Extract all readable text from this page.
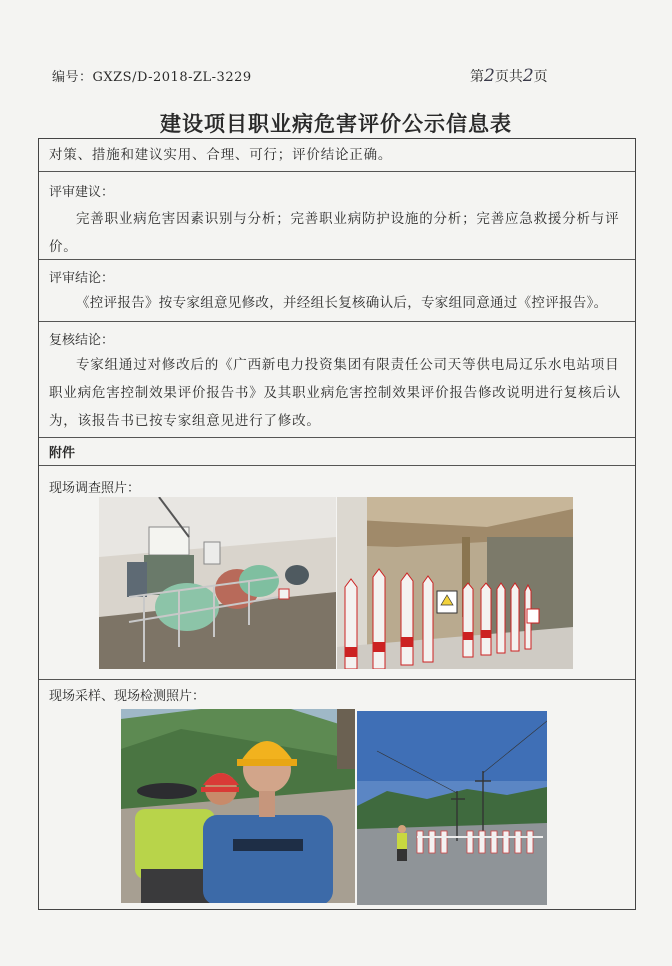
编号：GXZS/D-2018-ZL-3229	第2页共2页
建设项目职业病危害评价公示信息表
对策、措施和建议实用、合理、可行；评价结论正确。
评审建议：
完善职业病危害因素识别与分析；完善职业病防护设施的分析；完善应急救援分析与评价。
评审结论：
《控评报告》按专家组意见修改，并经组长复核确认后，专家组同意通过《控评报告》。
复核结论：
专家组通过对修改后的《广西新电力投资集团有限责任公司天等供电局辽乐水电站项目职业病危害控制效果评价报告书》及其职业病危害控制效果评价报告修改说明进行复核后认为，该报告书已按专家组意见进行了修改。
附件
现场调查照片：
现场采样、现场检测照片：
